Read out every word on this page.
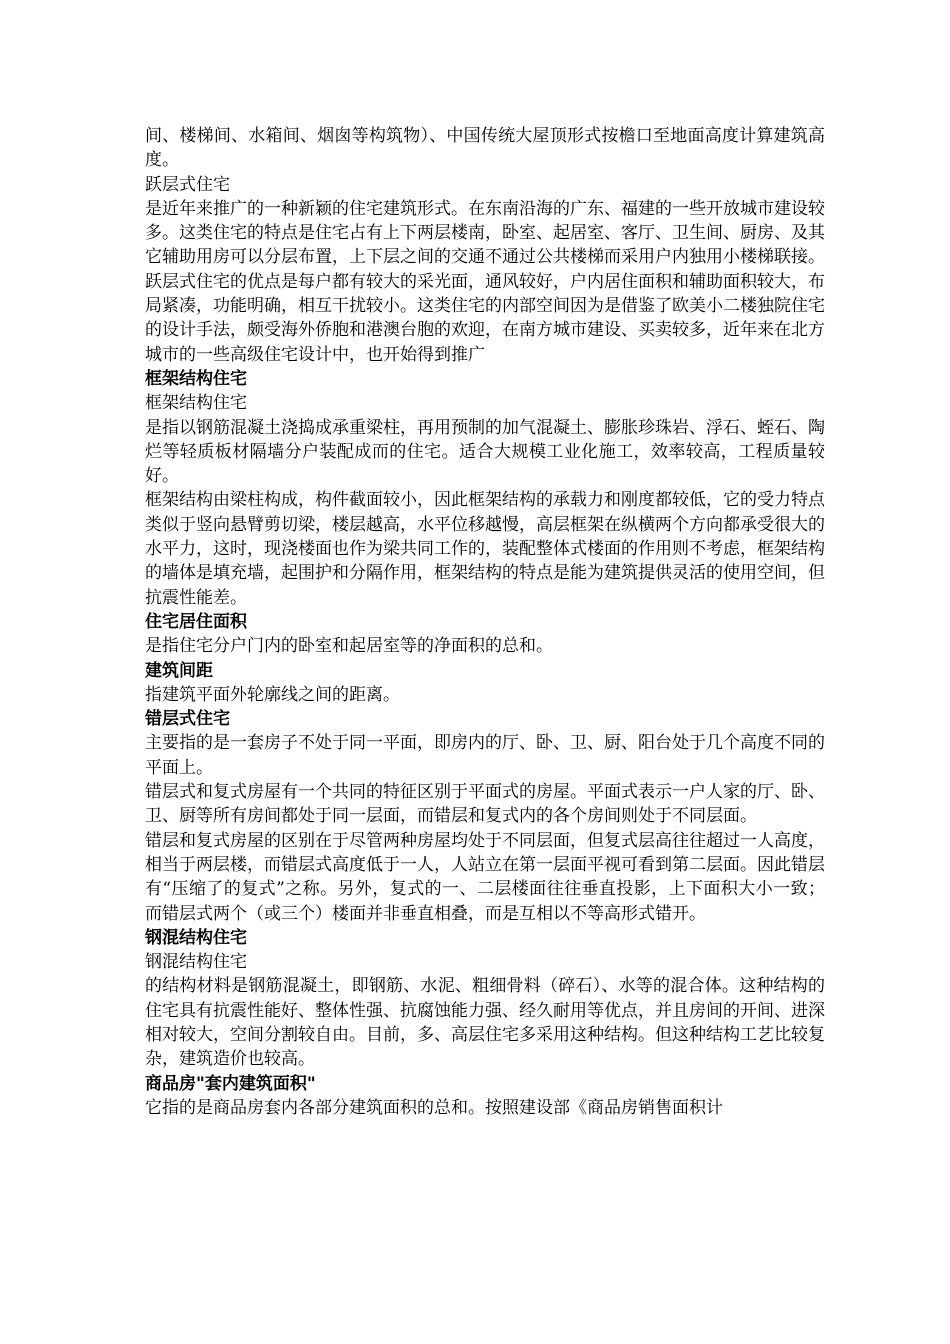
间、楼梯间、水箱间、烟囱等构筑物）、中国传统大屋顶形式按檐口至地面高度计算建筑高度。

跃层式住宅

是近年来推广的一种新颖的住宅建筑形式。在东南沿海的广东、福建的一些开放城市建设较多。这类住宅的特点是住宅占有上下两层楼南，卧室、起居室、客厅、卫生间、厨房、及其它辅助用房可以分层布置，上下层之间的交通不通过公共楼梯而采用户内独用小楼梯联接。跃层式住宅的优点是每户都有较大的采光面，通风较好，户内居住面积和辅助面积较大，布局紧凑，功能明确，相互干扰较小。这类住宅的内部空间因为是借鉴了欧美小二楼独院住宅的设计手法，颇受海外侨胞和港澳台胞的欢迎，在南方城市建设、买卖较多，近年来在北方城市的一些高级住宅设计中，也开始得到推广

框架结构住宅

框架结构住宅

是指以钢筋混凝土浇捣成承重梁柱，再用预制的加气混凝土、膨胀珍珠岩、浮石、蛭石、陶烂等轻质板材隔墙分户装配成而的住宅。适合大规模工业化施工，效率较高，工程质量较好。

框架结构由梁柱构成，构件截面较小，因此框架结构的承载力和刚度都较低，它的受力特点类似于竖向悬臂剪切梁，楼层越高，水平位移越慢，高层框架在纵横两个方向都承受很大的水平力，这时，现浇楼面也作为梁共同工作的，装配整体式楼面的作用则不考虑，框架结构的墙体是填充墙，起围护和分隔作用，框架结构的特点是能为建筑提供灵活的使用空间，但抗震性能差。

住宅居住面积

是指住宅分户门内的卧室和起居室等的净面积的总和。

建筑间距

指建筑平面外轮廓线之间的距离。

错层式住宅

主要指的是一套房子不处于同一平面，即房内的厅、卧、卫、厨、阳台处于几个高度不同的平面上。

错层式和复式房屋有一个共同的特征区别于平面式的房屋。平面式表示一户人家的厅、卧、卫、厨等所有房间都处于同一层面，而错层和复式内的各个房间则处于不同层面。

错层和复式房屋的区别在于尽管两种房屋均处于不同层面，但复式层高往往超过一人高度，相当于两层楼，而错层式高度低于一人，人站立在第一层面平视可看到第二层面。因此错层有“压缩了的复式”之称。另外，复式的一、二层楼面往往垂直投影，上下面积大小一致；而错层式两个（或三个）楼面并非垂直相叠，而是互相以不等高形式错开。

钢混结构住宅

钢混结构住宅

的结构材料是钢筋混凝土，即钢筋、水泥、粗细骨料（碎石）、水等的混合体。这种结构的住宅具有抗震性能好、整体性强、抗腐蚀能力强、经久耐用等优点，并且房间的开间、进深相对较大，空间分割较自由。目前，多、高层住宅多采用这种结构。但这种结构工艺比较复杂，建筑造价也较高。

商品房"套内建筑面积"

它指的是商品房套内各部分建筑面积的总和。按照建设部《商品房销售面积计
